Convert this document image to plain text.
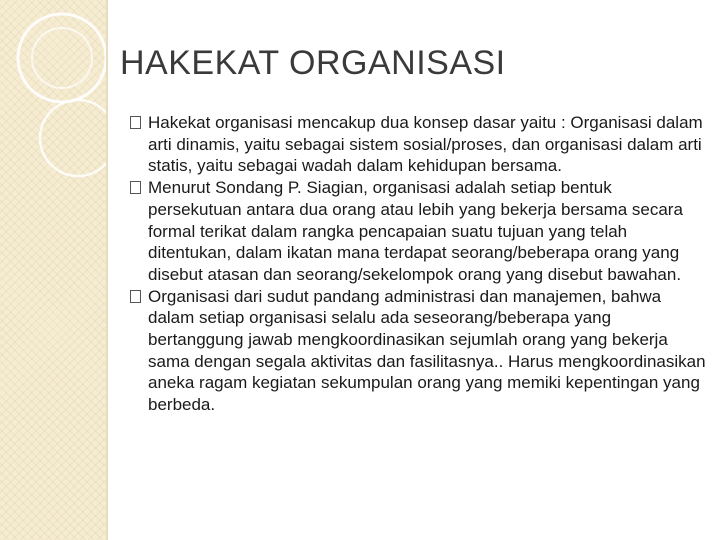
HAKEKAT ORGANISASI

Hakekat organisasi mencakup dua konsep dasar yaitu : Organisasi dalam arti dinamis, yaitu sebagai sistem sosial/proses, dan organisasi dalam arti statis, yaitu sebagai wadah dalam kehidupan bersama.

Menurut Sondang P. Siagian, organisasi adalah setiap bentuk persekutuan antara dua orang atau lebih yang bekerja bersama secara formal terikat dalam rangka pencapaian suatu tujuan yang telah ditentukan, dalam ikatan mana terdapat seorang/beberapa orang yang disebut atasan dan seorang/sekelompok orang yang disebut bawahan.

Organisasi dari sudut pandang administrasi dan manajemen, bahwa dalam setiap organisasi selalu ada seseorang/beberapa yang bertanggung jawab mengkoordinasikan sejumlah orang yang bekerja sama dengan segala aktivitas dan fasilitasnya.. Harus mengkoordinasikan aneka ragam kegiatan sekumpulan orang yang memiki kepentingan yang berbeda.
